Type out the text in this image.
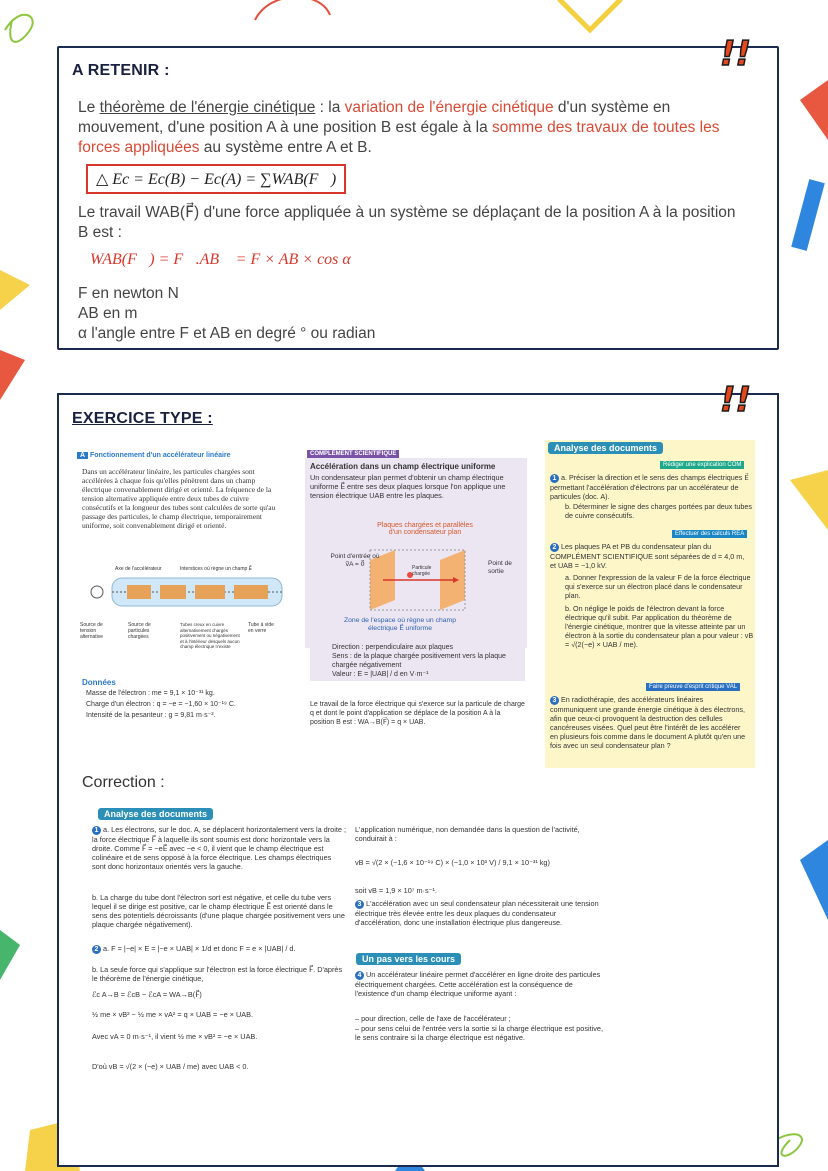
!!
A RETENIR :
Le théorème de l'énergie cinétique : la variation de l'énergie cinétique d'un système en mouvement, d'une position A à une position B est égale à la somme des travaux de toutes les forces appliquées au système entre A et B.
△ Ec = Ec(B) − Ec(A) = ∑WAB(F⃗)
Le travail WAB(F⃗) d'une force appliquée à un système se déplaçant de la position A à la position B est :
WAB(F⃗) = F⃗.AB⃗ = F × AB × cos α
F en newton N
AB en m
α l'angle entre F et AB en degré ° ou radian
!!
EXERCICE TYPE :
A Fonctionnement d'un accélérateur linéaire
Dans un accélérateur linéaire, les particules chargées sont accélérées à chaque fois qu'elles pénètrent dans un champ électrique convenablement dirigé et orienté. La fréquence de la tension alternative appliquée entre deux tubes de cuivre consécutifs et la longueur des tubes sont calculées de sorte qu'au passage des particules, le champ électrique, temporairement uniforme, soit convenablement dirigé et orienté.
Axe de l'accélérateur	Interstices où règne un champ E⃗
Source de tension alternative
Source de particules chargées
Tubes creux en cuivre alternativement chargés positivement ou négativement et à l'intérieur desquels aucun champ électrique n'existe
Tube à vide en verre
Données
Masse de l'électron : me = 9,1 × 10⁻³¹ kg.
Charge d'un électron : q = −e = −1,60 × 10⁻¹⁹ C.
Intensité de la pesanteur : g = 9,81 m·s⁻².
COMPLÉMENT SCIENTIFIQUE
Accélération dans un champ électrique uniforme
Un condensateur plan permet d'obtenir un champ électrique uniforme E⃗ entre ses deux plaques lorsque l'on applique une tension électrique UAB entre les plaques.
Plaques chargées et parallèles d'un condensateur plan
Point d'entrée où v⃗A = 0⃗	Point de sortie
Particule chargée
Zone de l'espace où règne un champ électrique E⃗ uniforme
Direction : perpendiculaire aux plaques
Sens : de la plaque chargée positivement vers la plaque chargée négativement
Valeur : E = |UAB| / d en V·m⁻¹
Le travail de la force électrique qui s'exerce sur la particule de charge q et dont le point d'application se déplace de la position A à la position B est : WA→B(F⃗) = q × UAB.
Analyse des documents
Rédiger une explication COM
1 a. Préciser la direction et le sens des champs électriques E⃗ permettant l'accélération d'électrons par un accélérateur de particules (doc. A).
b. Déterminer le signe des charges portées par deux tubes de cuivre consécutifs.
Effectuer des calculs REA
2 Les plaques PA et PB du condensateur plan du COMPLÉMENT SCIENTIFIQUE sont séparées de d = 4,0 m, et UAB = −1,0 kV.
a. Donner l'expression de la valeur F de la force électrique qui s'exerce sur un électron placé dans le condensateur plan.
b. On néglige le poids de l'électron devant la force électrique qu'il subit. Par application du théorème de l'énergie cinétique, montrer que la vitesse atteinte par un électron à la sortie du condensateur plan a pour valeur : vB = √(2(−e) × UAB / me).
Faire preuve d'esprit critique VAL
3 En radiothérapie, des accélérateurs linéaires communiquent une grande énergie cinétique à des électrons, afin que ceux-ci provoquent la destruction des cellules cancéreuses visées. Quel peut être l'intérêt de les accélérer en plusieurs fois comme dans le document A plutôt qu'en une fois avec un seul condensateur plan ?
Correction :
Analyse des documents
1 a. Les électrons, sur le doc. A, se déplacent horizontalement vers la droite ; la force électrique F⃗ à laquelle ils sont soumis est donc horizontale vers la droite. Comme F⃗ = −eE⃗ avec −e < 0, il vient que le champ électrique est colinéaire et de sens opposé à la force électrique. Les champs électriques sont donc horizontaux orientés vers la gauche.
b. La charge du tube dont l'électron sort est négative, et celle du tube vers lequel il se dirige est positive, car le champ électrique E⃗ est orienté dans le sens des potentiels décroissants (d'une plaque chargée positivement vers une plaque chargée négativement).
2 a. F = |−e| × E = |−e × UAB| × 1/d et donc F = e × |UAB| / d.
b. La seule force qui s'applique sur l'électron est la force électrique F⃗. D'après le théorème de l'énergie cinétique,
ℰc A→B = ℰcB − ℰcA = WA→B(F⃗)
½ me × vB² − ½ me × vA² = q × UAB = −e × UAB.
Avec vA = 0 m·s⁻¹, il vient ½ me × vB² = −e × UAB.
D'où vB = √(2 × (−e) × UAB / me) avec UAB < 0.
L'application numérique, non demandée dans la question de l'activité, conduirait à :
vB = √(2 × (−1,6 × 10⁻¹⁹ C) × (−1,0 × 10³ V) / 9,1 × 10⁻³¹ kg)
soit vB = 1,9 × 10⁷ m·s⁻¹.
3 L'accélération avec un seul condensateur plan nécessiterait une tension électrique très élevée entre les deux plaques du condensateur d'accélération, donc une installation électrique plus dangereuse.
Un pas vers les cours
4 Un accélérateur linéaire permet d'accélérer en ligne droite des particules électriquement chargées. Cette accélération est la conséquence de l'existence d'un champ électrique uniforme ayant :
– pour direction, celle de l'axe de l'accélérateur ;
– pour sens celui de l'entrée vers la sortie si la charge électrique est positive, le sens contraire si la charge électrique est négative.
